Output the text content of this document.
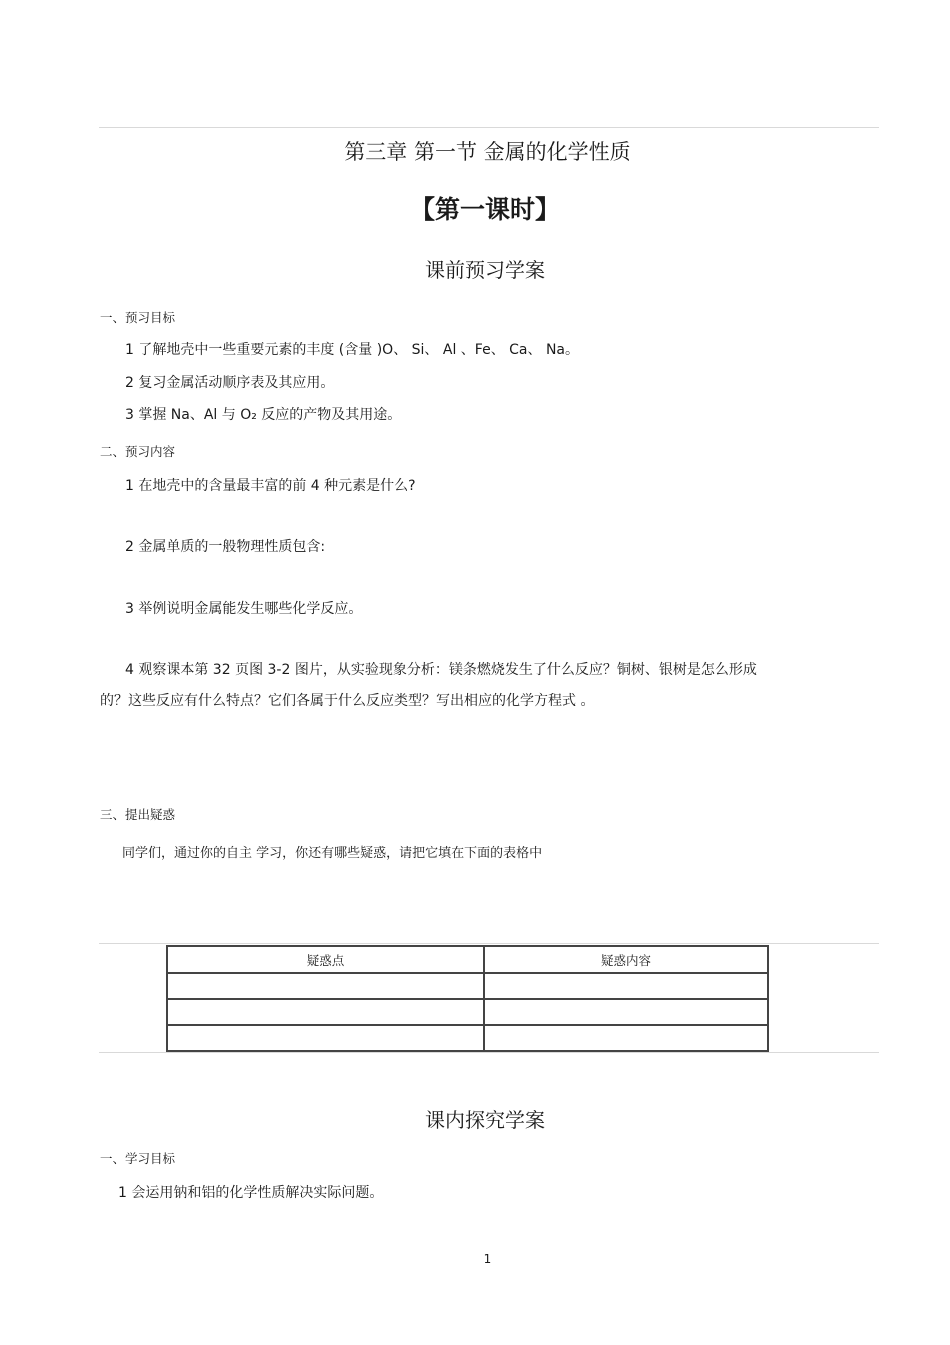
第三章 第一节 金属的化学性质
【第一课时】
课前预习学案
一、预习目标
1 了解地壳中一些重要元素的丰度 (含量 )O、 Si、 Al 、Fe、 Ca、 Na。
2 复习金属活动顺序表及其应用。
3 掌握 Na、Al 与 O₂ 反应的产物及其用途。
二、预习内容
1 在地壳中的含量最丰富的前 4 种元素是什么?
2 金属单质的一般物理性质包含:
3 举例说明金属能发生哪些化学反应。
4 观察课本第 32 页图 3-2 图片，从实验现象分析：镁条燃烧发生了什么反应？铜树、银树是怎么形成
的？这些反应有什么特点？它们各属于什么反应类型？写出相应的化学方程式 。
三、提出疑惑
同学们，通过你的自主 学习，你还有哪些疑惑，请把它填在下面的表格中
疑惑点	疑惑内容

课内探究学案
一、学习目标
1 会运用钠和铝的化学性质解决实际问题。
1
